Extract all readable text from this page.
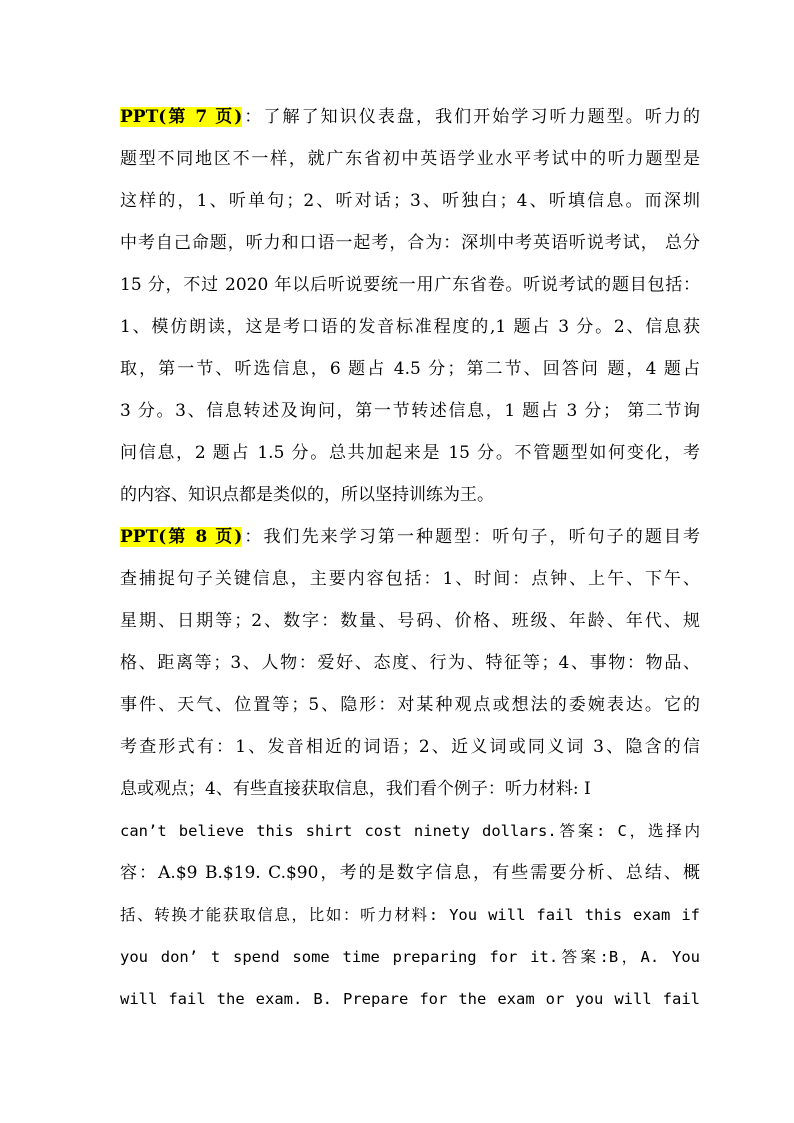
PPT(第 7 页)：了解了知识仪表盘，我们开始学习听力题型。听力的
题型不同地区不一样，就广东省初中英语学业水平考试中的听力题型是
这样的，1、听单句；2、听对话；3、听独白；4、听填信息。而深圳
中考自己命题，听力和口语一起考，合为：深圳中考英语听说考试， 总分
15 分，不过 2020 年以后听说要统一用广东省卷。听说考试的题目包括：
1、模仿朗读，这是考口语的发音标准程度的,1 题占 3 分。2、信息获
取，第一节、听选信息，6 题占 4.5 分；第二节、回答问 题，4 题占
3 分。3、信息转述及询问，第一节转述信息，1 题占 3 分； 第二节询
问信息，2 题占 1.5 分。总共加起来是 15 分。不管题型如何变化，考
的内容、知识点都是类似的，所以坚持训练为王。
PPT(第 8 页)：我们先来学习第一种题型：听句子，听句子的题目考
查捕捉句子关键信息，主要内容包括：1、时间：点钟、上午、下午、
星期、日期等；2、数字：数量、号码、价格、班级、年龄、年代、规
格、距离等；3、人物：爱好、态度、行为、特征等；4、事物：物品、
事件、天气、位置等；5、隐形：对某种观点或想法的委婉表达。它的
考查形式有：1、发音相近的词语；2、近义词或同义词 3、隐含的信
息或观点；4、有些直接获取信息，我们看个例子：听力材料: I
can’t believe this shirt cost ninety dollars.答案: C，选择内
容：A.$9 B.$19. C.$90，考的是数字信息，有些需要分析、总结、概
括、转换才能获取信息，比如：听力材料: You will fail this exam if
you don’ t spend some time preparing for it.答案:B，A. You
will fail the exam. B. Prepare for the exam or you will fail
